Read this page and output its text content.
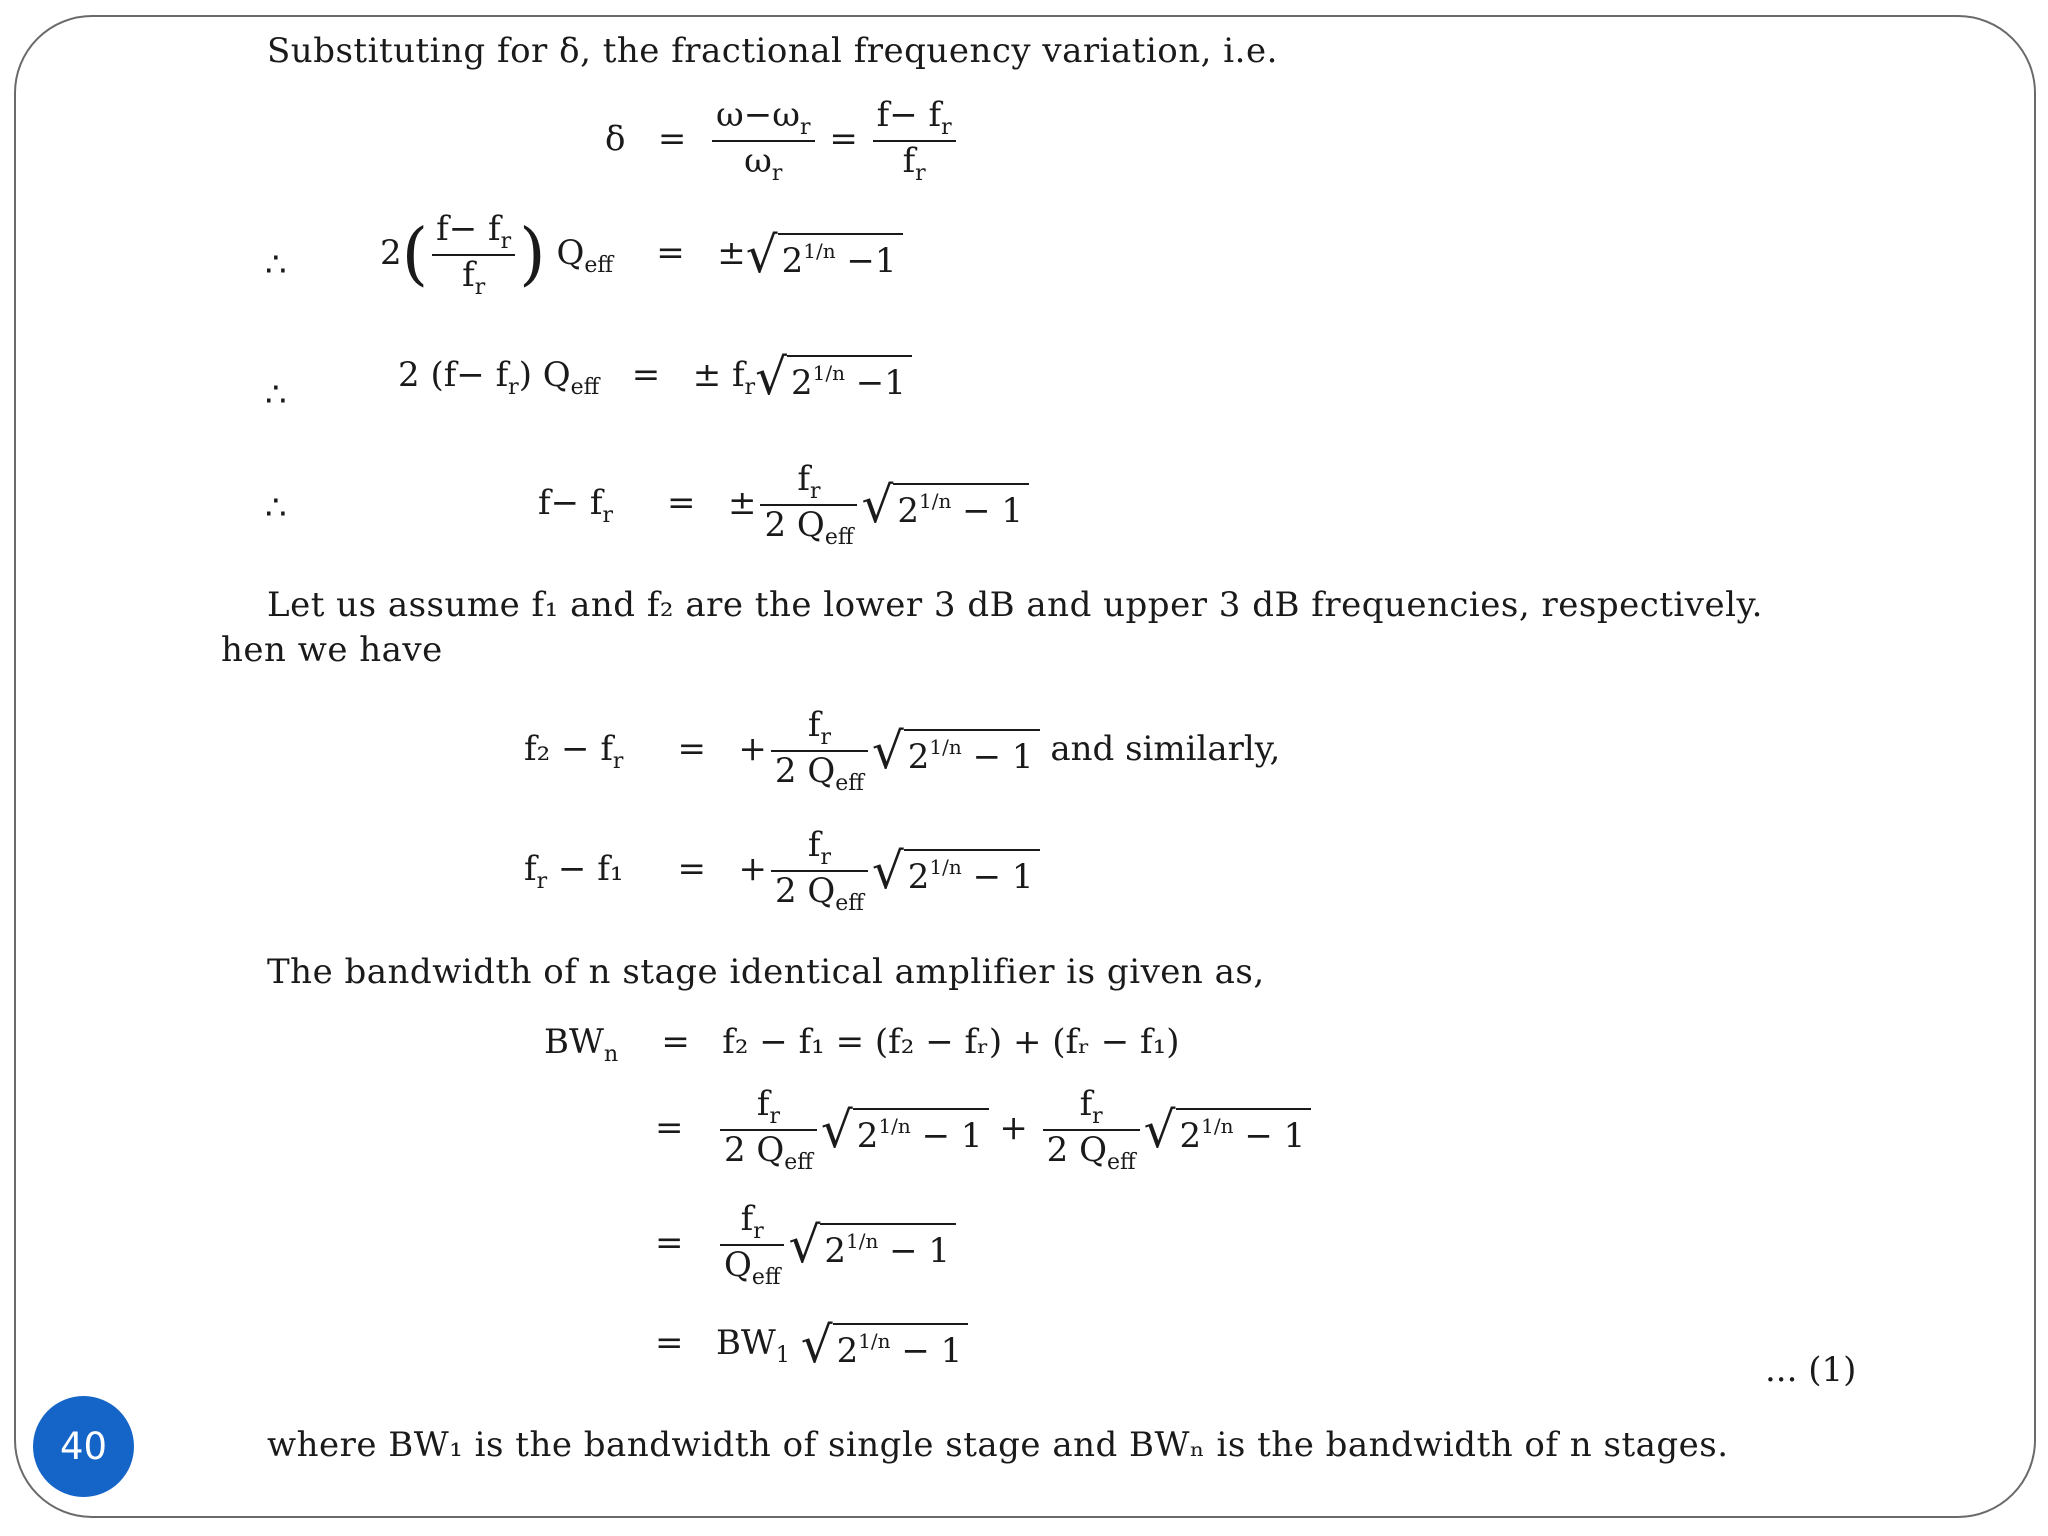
Substituting for δ, the fractional frequency variation, i.e.
$\delta = \frac{\omega-\omega_r}{\omega_r} = \frac{f- f_r}{f_r}$
∴	$2( \frac{f- f_r}{f_r}$ ) $Q_{eff}$ = ±√ $2^{1/n} -1$
∴	2 $(f- f_r)$ $Q_{eff}$ = ± $f_r√$ $2^{1/n} -1$
∴	$f- f_r$ = ± $\frac{f_r}{2 Q_{eff}}$ √ $2^{1/n} - 1$
Let us assume f₁ and f₂ are the lower 3 dB and upper 3 dB frequencies, respectively.
hen we have
$f_2 - f_r$ = + $\frac{f_r}{2 Q_{eff}}$ √ $2^{1/n} - 1$ and similarly,
$f_r - f_1$ = + $\frac{f_r}{2 Q_{eff}}$ √ $2^{1/n} - 1$
The bandwidth of n stage identical amplifier is given as,
$BW_n = f_2 - f_1 = (f_2$ − fᵣ) + (fᵣ − f₁)
= $\frac{f_r}{2 Q_{eff}}$ √ $2^{1/n} - 1 + \frac{f_r}{2 Q_{eff}}$ √ $2^{1/n} - 1$
= $\frac{f_r}{Q_{eff}}$ √ $2^{1/n} - 1$
= $BW_1$ √ $2^{1/n} - 1$	... (1)
where BW₁ is the bandwidth of single stage and BWₙ is the bandwidth of n stages.
40
